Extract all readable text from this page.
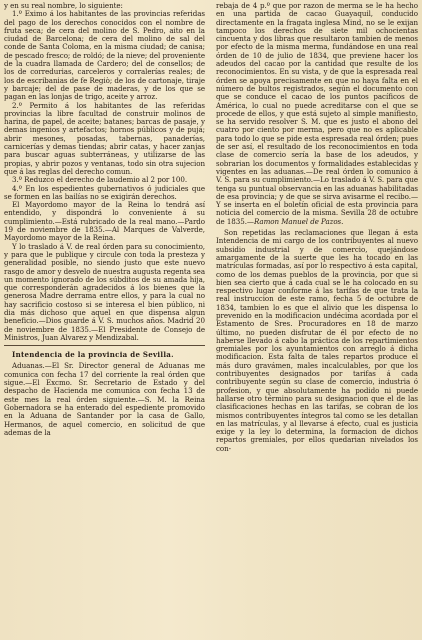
y en su real nombre, lo siguiente:

1.º Eximo á los habitantes de las provincias referidas del pago de los derechos conocidos con el nombre de fruta seca; de cera del molino de S. Pedro, aito en la ciudad de Barcelona; de cera del molino de sal del conde de Santa Coloma, en la misma ciudad; de canisa; de pescado fresco; de roldó; de la nieve; del proveniente de la cuadra llamada de Cardero; del de consellos; de los de corredurias, carceleros y corralerías reales; de los de escribanias de fe Regiò; de los de cartonaje, tiraje y barcaje; del de pase de maderas, y de los que se pagan en las lonjas de trigo, aceite y arroz.

2.º Permito á los habitantes de las referidas provincias la libre facultad de construir molinos de harina, de papel, de aceite; batanes; barcas de pasaje, y demas ingenios y artefactos; hornos públicos y de pujá; abrir mesones, posadas, tabernas, panaderías, carnicerías y demas tiendas; abrir catas, y hacer zanjas para buscar aguas subterráneas, y utilizarse de las propias, y abrir pozos y ventanas, todo sin otra sujecion que á las reglas del derecho comun.

3.º Reduzco el derecho de laudemio al 2 por 100.

4.º En los espedientes gubernativos ó judiciales que se formen en las bailías no se exigirán derechos.

El Mayordomo mayor de la Reina lo tendrá así entendido, y dispondrá lo conveniente á su cumplimiento.—Está rubricado de la real mano.—Pardo 19 de noviembre de 1835.—Al Marques de Valverde, Mayordomo mayor de la Reina.

Y lo traslado á V. de real órden para su conocimiento, y para que le publique y circule con toda la presteza y generalidad posible, no siendo justo que este nuevo rasgo de amor y desvelo de nuestra augusta regenta sea un momento ignorado de los súbditos de su amada hija, que corresponderán agradecidos á los bienes que la generosa Madre derrama entre ellos, y para la cual no hay sacrificio costoso si se interesa el bien público, ni dia más dichoso que aquel en que dispensa algun beneficio.—Dios guarde á V. S. muchos años. Madrid 20 de noviembre de 1835.—El Presidente de Consejo de Ministros, Juan Alvarez y Mendizabal.

Intendencia de la provincia de Sevilla.

Aduanas.—El Sr. Director general de Aduanas me comunica con fecha 17 del corriente la real órden que sigue.—El Excmo. Sr. Secretario de Estado y del despacho de Hacienda me comunica con fecha 13 de este mes la real órden siguiente.—S. M. la Reina Gobernadora se ha enterado del espediente promovido en la Aduana de Santander por la casa de Gallo, Hermanos, de aquel comercio, en solicitud de que ademas de la

rebaja de 4 p.º que por razon de merma se le ha hecho en una partida de cacao Guayaquil, conducido directamente en la fragata inglesa Mind, no se le exijan tampoco los derechos de siete mil ochocientas cincuenta y dos libras que resultaron tambien de menos por efecto de la misma merma, fundándose en una real órden de 10 de julio de 1834, que previene hacer los adeudos del cacao por la cantidad que resulte de los reconocimientos. En su vista, y de que la espresada real órden se apoya precisamente en que no haya falta en el número de bultos registrados, según el documento con que se conduce el cacao de los puntos pacíficos de América, lo cual no puede acreditarse con el que se procede de ellos, y que está sujeto al simple manifiesto, se ha servido resolver S. M. que es justo el abono del cuatro por ciento por merma, pero que no es aplicable para todo lo que se pide esta espresada real órden; pues de ser así, el resultado de los reconocimientos en toda clase de comercio sería la base de los adeudos, y sobrarian los documentos y formalidades establecidas y vigentes en las aduanas.—De real órden lo comunico á V. S. para su cumplimiento.—Lo traslado á V. S. para que tenga su puntual observancia en las aduanas habilitadas de esa provincia; y de que se sirva avisarme el recibo.—Y se inserta en el boletín oficial de esta provincia para noticia del comercio de la misma. Sevilla 28 de octubre de 1835.—Ramon Manuel de Pazos.

Son repetidas las reclamaciones que llegan á esta Intendencia de mi cargo de los contribuyentes al nuevo subsidio industrial y de comercio, quejándose amargamente de la suerte que les ha tocado en las matrículas formadas, así por lo respectivo á esta capital, como de los demas pueblos de la provincia, por que si bien sea cierto que á cada cual se le ha colocado en su respectivo lugar conforme á las tarifas de que trata la real instruccion de este ramo, fecha 5 de octubre de 1834, tambien lo es que el alivio que les dispensa lo prevenido en la modificacion undécima acordada por el Estamento de Sres. Procuradores en 18 de marzo último, no pueden disfrutar de él por efecto de no haberse llevado á cabo la práctica de los repartimientos gremiales por los ayuntamientos con arreglo á dicha modificacion. Esta falta de tales repartos produce el más duro gravámen, males incalculables, por que los contribuyentes designados por tarifas á cada contribuyente según su clase de comercio, industria ó profesion, y que absolutamente ha podido ni puede hallarse otro término para su designacion que el de las clasificaciones hechas en las tarifas, se cobran de los mismos contribuyentes íntegros tal como se les detallan en las matrículas, y al llevarse á efecto, cual es justicia exige y la ley lo determina, la formacion de dichos repartos gremiales, por ellos quedarian nivelados los con-
